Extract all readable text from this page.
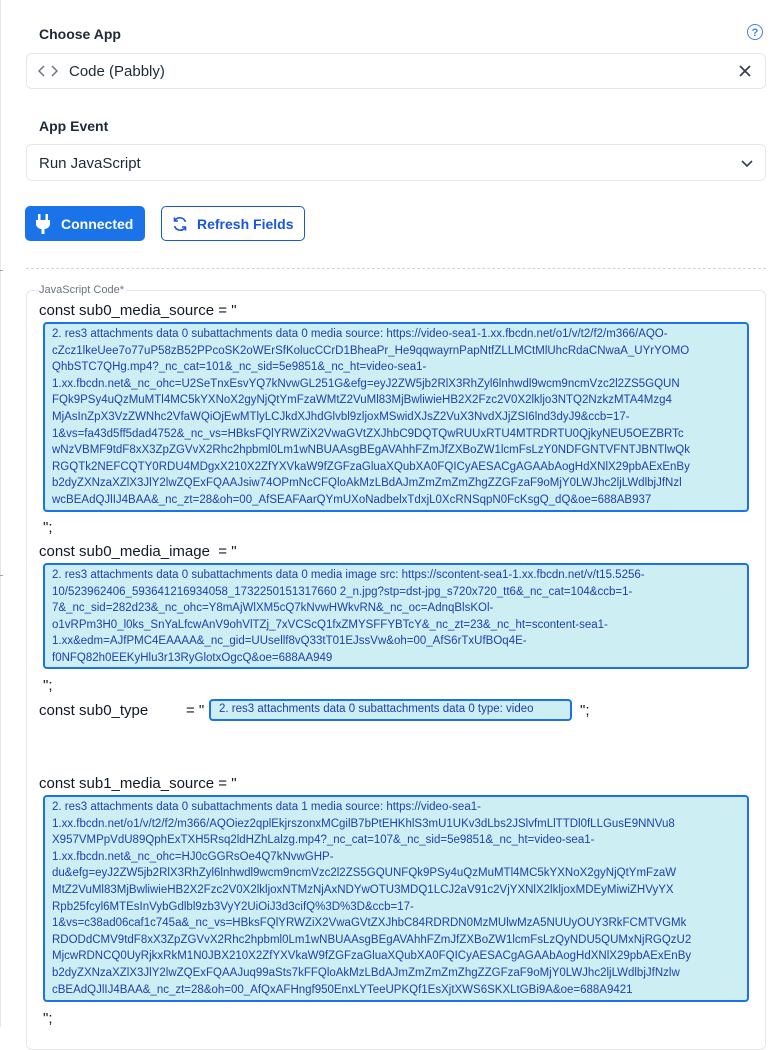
Choose App	?
Code (Pabbly)
App Event
Run JavaScript
Connected	Refresh Fields
JavaScript Code*
const sub0_media_source = "
2. res3 attachments data 0 subattachments data 0 media source: https://video-sea1-1.xx.fbcdn.net/o1/v/t2/f2/m366/AQO-
cZcz1lkeUee7o77uP58zB52PPcoSK2oWErSfKolucCCrD1BheaPr_He9qqwayrnPapNtfZLLMCtMlUhcRdaCNwaA_UYrYOMO
QhbSTC7QHg.mp4?_nc_cat=101&_nc_sid=5e9851&_nc_ht=video-sea1-
1.xx.fbcdn.net&_nc_ohc=U2SeTnxEsvYQ7kNvwGL251G&efg=eyJ2ZW5jb2RlX3RhZyl6lnhwdl9wcm9ncmVzc2l2ZS5GQUN
FQk9PSy4uQzMuMTl4MC5kYXNoX2gyNjQtYmFzaWMtZ2VuMl83MjBwliwieHB2X2Fzc2V0X2lkljo3NTQ2NzkzMTA4Mzg4
MjAsInZpX3VzZWNhc2VfaWQiOjEwMTlyLCJkdXJhdGlvbl9zljoxMSwidXJsZ2VuX3NvdXJjZSI6lnd3dyJ9&ccb=17-
1&vs=fa43d5ff5dad4752&_nc_vs=HBksFQlYRWZiX2VwaGVtZXJhbC9DQTQwRUUxRTU4MTRDRTU0QjkyNEU5OEZBRTc
wNzVBMF9tdF8xX3ZpZGVvX2Rhc2hpbml0Lm1wNBUAAsgBEgAVAhhFZmJfZXBoZW1lcmFsLzY0NDFGNTVFNTJBNTlwQk
RGQTk2NEFCQTY0RDU4MDgxX210X2ZfYXVkaW9fZGFzaGluaXQubXA0FQICyAESACgAGAAbAogHdXNlX29pbAExEnBy
b2dyZXNzaXZlX3JlY2lwZQExFQAAJsiw74OPmNcCFQloAkMzLBdAJmZmZmZmZhgZZGFzaF9oMjY0LWJhc2ljLWdlbjJfNzl
wcBEAdQJlIJ4BAA&_nc_zt=28&oh=00_AfSEAFAarQYmUXoNadbelxTdxjL0XcRNSqpN0FcKsgQ_dQ&oe=688AB937
";
const sub0_media_image  = "
2. res3 attachments data 0 subattachments data 0 media image src: https://scontent-sea1-1.xx.fbcdn.net/v/t15.5256-
10/523962406_593641216934058_1732250151317660 2_n.jpg?stp=dst-jpg_s720x720_tt6&_nc_cat=104&ccb=1-
7&_nc_sid=282d23&_nc_ohc=Y8mAjWlXM5cQ7kNvwHWkvRN&_nc_oc=AdnqBlsKOl-
o1vRPm3H0_l0ks_SnYaLfcwAnV9ohVlTZj_7xVCScQ1fxZMYSFFYBTcY&_nc_zt=23&_nc_ht=scontent-sea1-
1.xx&edm=AJfPMC4EAAAA&_nc_gid=UUsellf8vQ33tT01EJssVw&oh=00_AfS6rTxUfBOq4E-
f0NFQ82h0EEKyHlu3r13RyGlotxOgcQ&oe=688AA949
";
const sub0_type	= "	2. res3 attachments data 0 subattachments data 0 type: video	";
const sub1_media_source = "
2. res3 attachments data 0 subattachments data 1 media source: https://video-sea1-
1.xx.fbcdn.net/o1/v/t2/f2/m366/AQOiez2qplEkjrszonxMCgilB7bPtEHKhlS3mU1UKv3dLbs2JSlvfmLlTTDl0fLLGusE9NNVu8
X957VMPpVdU89QphExTXH5Rsq2ldHZhLalzg.mp4?_nc_cat=107&_nc_sid=5e9851&_nc_ht=video-sea1-
1.xx.fbcdn.net&_nc_ohc=HJ0cGGRsOe4Q7kNvwGHP-
du&efg=eyJ2ZW5jb2RlX3RhZyl6lnhwdl9wcm9ncmVzc2l2ZS5GQUNFQk9PSy4uQzMuMTl4MC5kYXNoX2gyNjQtYmFzaW
MtZ2VuMl83MjBwliwieHB2X2Fzc2V0X2lkljoxNTMzNjAxNDYwOTU3MDQ1LCJ2aV91c2VjYXNlX2lkljoxMDEyMiwiZHVyYX
Rpb25fcyl6MTEsInVybGdlbl9zb3VyY2UiOiJ3d3cifQ%3D%3D&ccb=17-
1&vs=c38ad06caf1c745a&_nc_vs=HBksFQlYRWZiX2VwaGVtZXJhbC84RDRDN0MzMUlwMzA5NUUyOUY3RkFCMTVGMk
RDODdCMV9tdF8xX3ZpZGVvX2Rhc2hpbml0Lm1wNBUAAsgBEgAVAhhFZmJfZXBoZW1lcmFsLzQyNDU5QUMxNjRGQzU2
MjcwRDNCQ0UyRjkxRkM1N0JBX210X2ZfYXVkaW9fZGFzaGluaXQubXA0FQICyAESACgAGAAbAogHdXNlX29pbAExEnBy
b2dyZXNzaXZlX3JlY2lwZQExFQAAJuq99aSts7kFFQloAkMzLBdAJmZmZmZmZhgZZGFzaF9oMjY0LWJhc2ljLWdlbjJfNzlw
cBEAdQJlIJ4BAA&_nc_zt=28&oh=00_AfQxAFHngf950EnxLYTeeUPKQf1EsXjtXWS6SKXLtGBi9A&oe=688A9421
";
